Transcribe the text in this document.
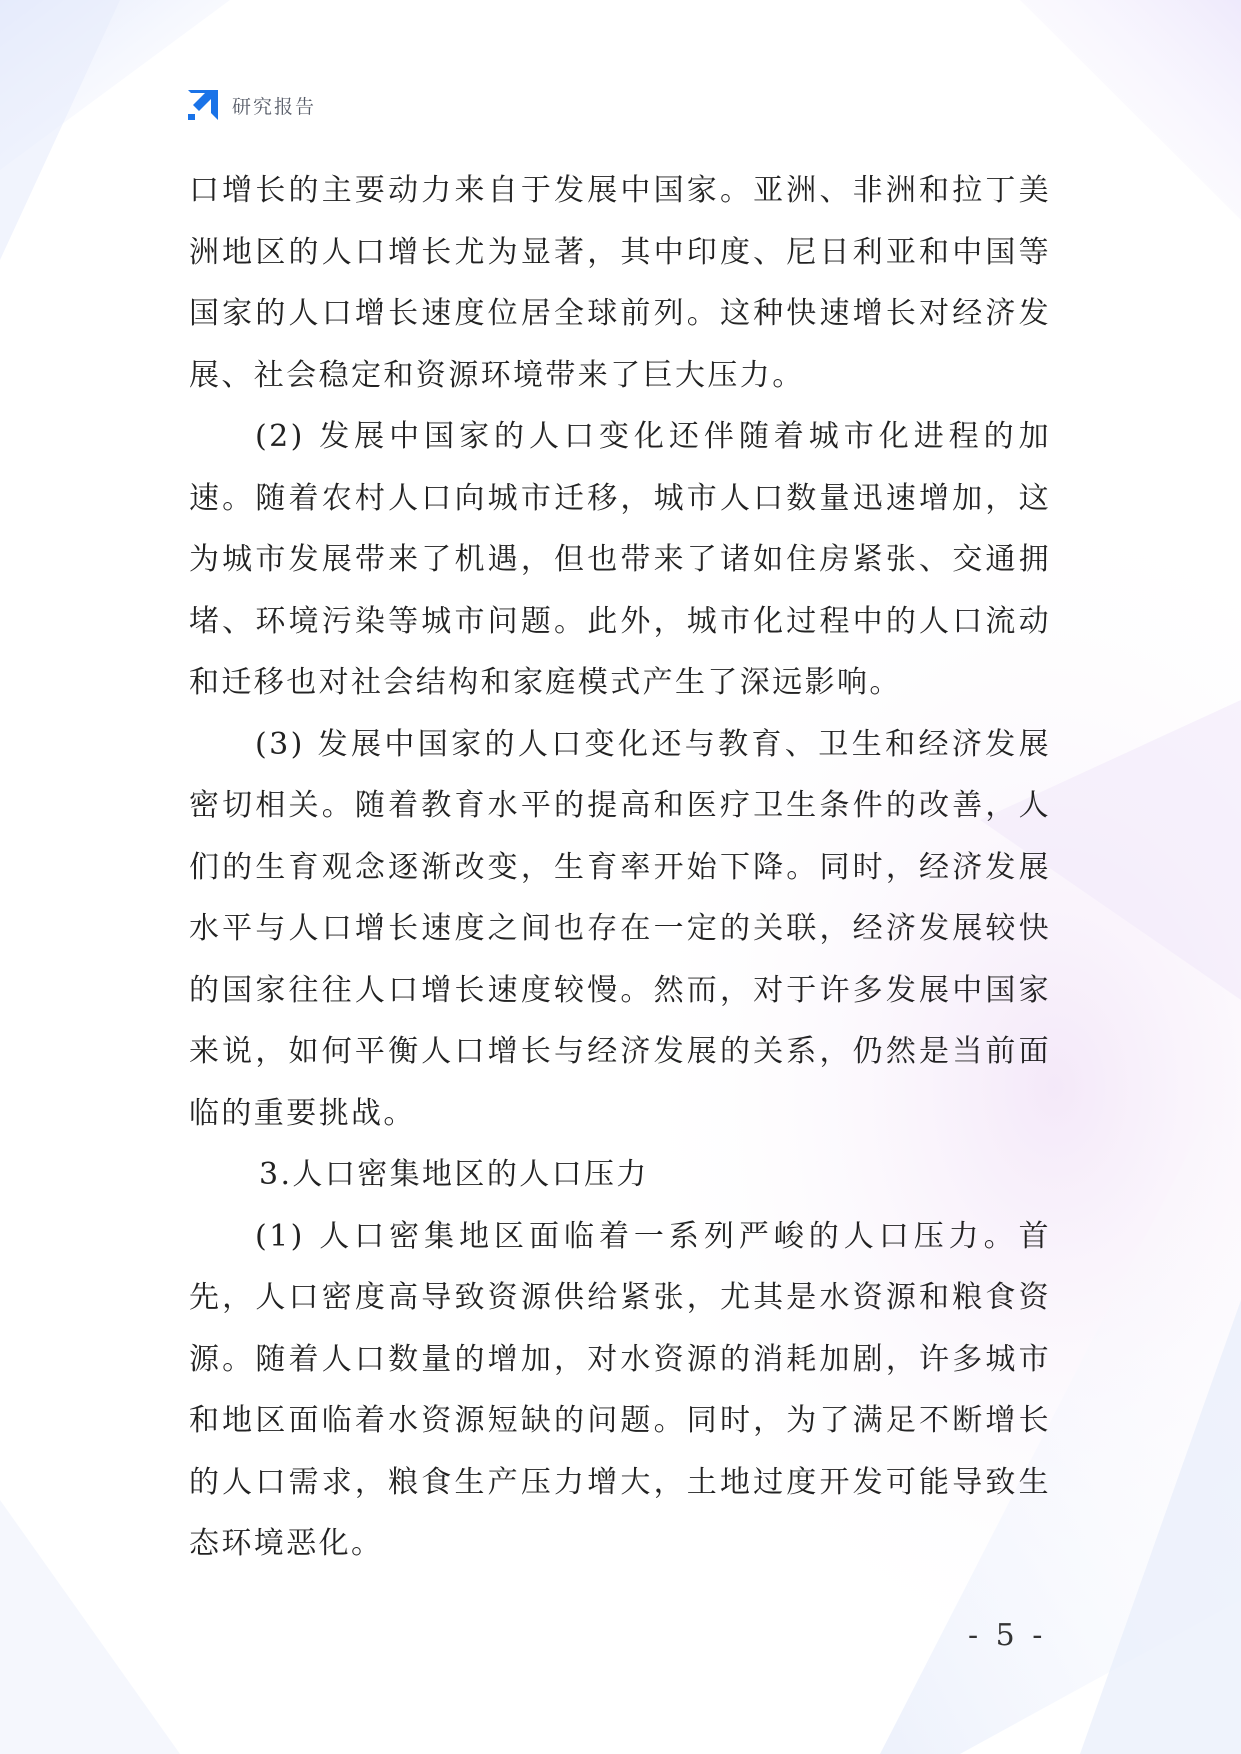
研究报告

口增长的主要动力来自于发展中国家。亚洲、非洲和拉丁美洲地区的人口增长尤为显著，其中印度、尼日利亚和中国等国家的人口增长速度位居全球前列。这种快速增长对经济发展、社会稳定和资源环境带来了巨大压力。

(2) 发展中国家的人口变化还伴随着城市化进程的加速。随着农村人口向城市迁移，城市人口数量迅速增加，这为城市发展带来了机遇，但也带来了诸如住房紧张、交通拥堵、环境污染等城市问题。此外，城市化过程中的人口流动和迁移也对社会结构和家庭模式产生了深远影响。

(3) 发展中国家的人口变化还与教育、卫生和经济发展密切相关。随着教育水平的提高和医疗卫生条件的改善，人们的生育观念逐渐改变，生育率开始下降。同时，经济发展水平与人口增长速度之间也存在一定的关联，经济发展较快的国家往往人口增长速度较慢。然而，对于许多发展中国家来说，如何平衡人口增长与经济发展的关系，仍然是当前面临的重要挑战。

3.人口密集地区的人口压力

(1) 人口密集地区面临着一系列严峻的人口压力。首先，人口密度高导致资源供给紧张，尤其是水资源和粮食资源。随着人口数量的增加，对水资源的消耗加剧，许多城市和地区面临着水资源短缺的问题。同时，为了满足不断增长的人口需求，粮食生产压力增大，土地过度开发可能导致生态环境恶化。

- 5 -
